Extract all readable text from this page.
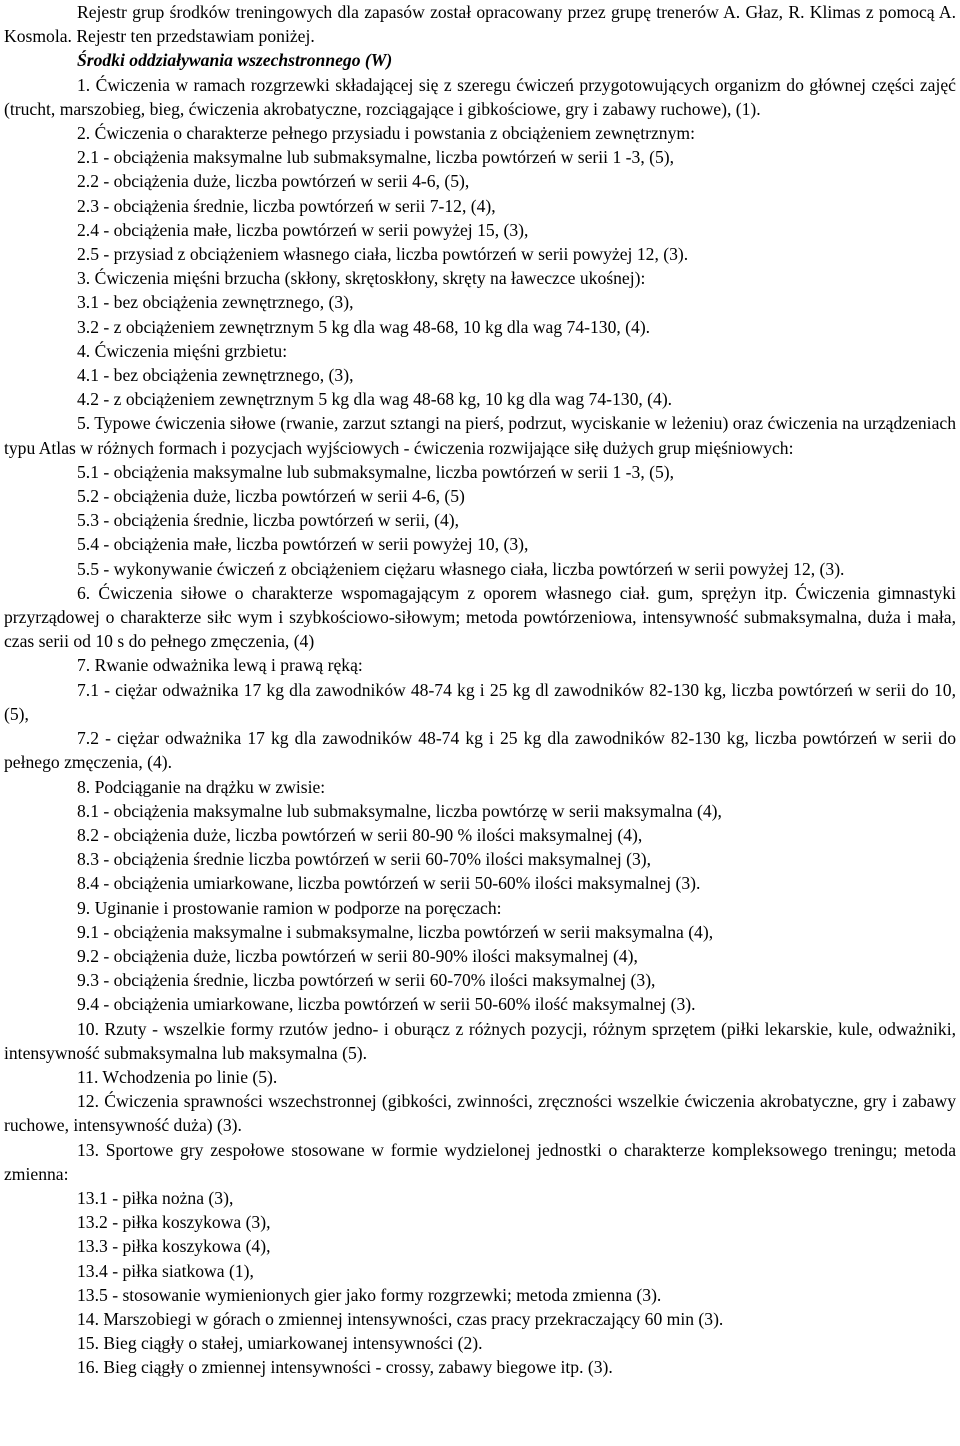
Rejestr grup środków treningowych dla zapasów został opracowany przez grupę trenerów A. Głaz, R. Klimas z pomocą A. Kosmola. Rejestr ten przedstawiam poniżej.

Środki oddziaływania wszechstronnego (W)

1. Ćwiczenia w ramach rozgrzewki składającej się z szeregu ćwiczeń przygotowujących organizm do głównej części zajęć (trucht, marszobieg, bieg, ćwiczenia akrobatyczne, rozciągające i gibkościowe, gry i zabawy ruchowe), (1).

2. Ćwiczenia o charakterze pełnego przysiadu i powstania z obciążeniem zewnętrznym:

2.1 - obciążenia maksymalne lub submaksymalne, liczba powtórzeń w serii 1 -3, (5),

2.2 - obciążenia duże, liczba powtórzeń w serii 4-6, (5),

2.3 - obciążenia średnie, liczba powtórzeń w serii 7-12, (4),

2.4 - obciążenia małe, liczba powtórzeń w serii powyżej 15, (3),

2.5 - przysiad z obciążeniem własnego ciała, liczba powtórzeń w serii powyżej 12, (3).

3. Ćwiczenia mięśni brzucha (skłony, skrętoskłony, skręty na ławeczce ukośnej):

3.1 - bez obciążenia zewnętrznego, (3),

3.2 - z obciążeniem zewnętrznym 5 kg dla wag 48-68, 10 kg dla wag 74-130, (4).

4. Ćwiczenia mięśni grzbietu:

4.1 - bez obciążenia zewnętrznego, (3),

4.2 - z obciążeniem zewnętrznym 5 kg dla wag 48-68 kg, 10 kg dla wag 74-130, (4).

5. Typowe ćwiczenia siłowe (rwanie, zarzut sztangi na pierś, podrzut, wyciskanie w leżeniu) oraz ćwiczenia na urządzeniach typu Atlas w różnych formach i pozycjach wyjściowych - ćwiczenia rozwijające siłę dużych grup mięśniowych:

5.1 - obciążenia maksymalne lub submaksymalne, liczba powtórzeń w serii 1 -3, (5),

5.2 - obciążenia duże, liczba powtórzeń w serii 4-6, (5)

5.3 - obciążenia średnie, liczba powtórzeń w serii, (4),

5.4 - obciążenia małe, liczba powtórzeń w serii powyżej 10, (3),

5.5 - wykonywanie ćwiczeń z obciążeniem ciężaru własnego ciała, liczba powtórzeń w serii powyżej 12, (3).

6. Ćwiczenia siłowe o charakterze wspomagającym z oporem własnego ciał. gum, sprężyn itp. Ćwiczenia gimnastyki przyrządowej o charakterze siłc wym i szybkościowo-siłowym; metoda powtórzeniowa, intensywność submaksymalna, duża i mała, czas serii od 10 s do pełnego zmęczenia, (4)

7. Rwanie odważnika lewą i prawą ręką:

7.1 - ciężar odważnika 17 kg dla zawodników 48-74 kg i 25 kg dl zawodników 82-130 kg, liczba powtórzeń w serii do 10, (5),

7.2 - ciężar odważnika 17 kg dla zawodników 48-74 kg i 25 kg dla zawodników 82-130 kg, liczba powtórzeń w serii do pełnego zmęczenia, (4).

8. Podciąganie na drążku w zwisie:

8.1 - obciążenia maksymalne lub submaksymalne, liczba powtórzę w serii maksymalna (4),

8.2 - obciążenia duże, liczba powtórzeń w serii 80-90 % ilości maksymalnej (4),

8.3 - obciążenia średnie liczba powtórzeń w serii 60-70% ilości maksymalnej (3),

8.4 - obciążenia umiarkowane, liczba powtórzeń w serii 50-60% ilości maksymalnej (3).

9. Uginanie i prostowanie ramion w podporze na poręczach:

9.1 - obciążenia maksymalne i submaksymalne, liczba powtórzeń w serii maksymalna (4),

9.2 - obciążenia duże, liczba powtórzeń w serii 80-90% ilości maksymalnej (4),

9.3 - obciążenia średnie, liczba powtórzeń w serii 60-70% ilości maksymalnej (3),

9.4 - obciążenia umiarkowane, liczba powtórzeń w serii 50-60% ilość maksymalnej (3).

10. Rzuty - wszelkie formy rzutów jedno- i oburącz z różnych pozycji, różnym sprzętem (piłki lekarskie, kule, odważniki, intensywność submaksymalna lub maksymalna (5).

11. Wchodzenia po linie (5).

12. Ćwiczenia sprawności wszechstronnej (gibkości, zwinności, zręczności wszelkie ćwiczenia akrobatyczne, gry i zabawy ruchowe, intensywność duża) (3).

13. Sportowe gry zespołowe stosowane w formie wydzielonej jednostki o charakterze kompleksowego treningu; metoda zmienna:

13.1 - piłka nożna (3),

13.2 - piłka koszykowa (3),

13.3 - piłka koszykowa (4),

13.4 - piłka siatkowa (1),

13.5 - stosowanie wymienionych gier jako formy rozgrzewki; metoda zmienna (3).

14. Marszobiegi w górach o zmiennej intensywności, czas pracy przekraczający 60 min (3).

15. Bieg ciągły o stałej, umiarkowanej intensywności (2).

16. Bieg ciągły o zmiennej intensywności - crossy, zabawy biegowe itp. (3).
